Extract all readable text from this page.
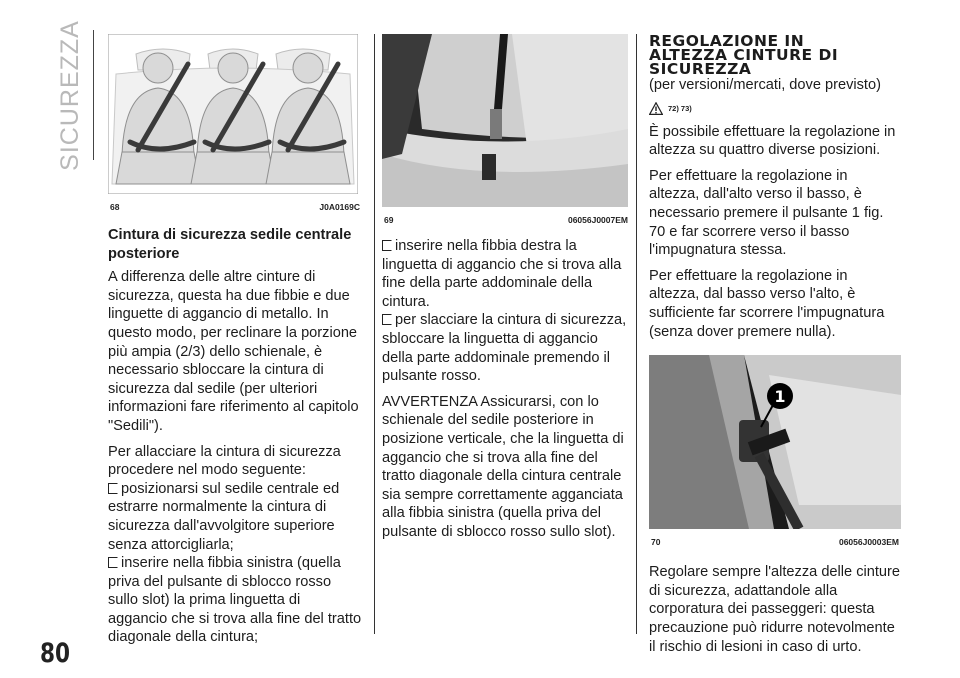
SICUREZZA
80
68	J0A0169C

Cintura di sicurezza sedile centrale posteriore

A differenza delle altre cinture di sicurezza, questa ha due fibbie e due linguette di aggancio di metallo. In questo modo, per reclinare la porzione più ampia (2/3) dello schienale, è necessario sbloccare la cintura di sicurezza dal sedile (per ulteriori informazioni fare riferimento al capitolo "Sedili").

Per allacciare la cintura di sicurezza procedere nel modo seguente:

posizionarsi sul sedile centrale ed estrarre normalmente la cintura di sicurezza dall'avvolgitore superiore senza attorcigliarla;

inserire nella fibbia sinistra (quella priva del pulsante di sblocco rosso sullo slot) la prima linguetta di aggancio che si trova alla fine del tratto diagonale della cintura;

69	06056J0007EM

inserire nella fibbia destra la linguetta di aggancio che si trova alla fine della parte addominale della cintura.

per slacciare la cintura di sicurezza, sbloccare la linguetta di aggancio della parte addominale premendo il pulsante rosso.

AVVERTENZA Assicurarsi, con lo schienale del sedile posteriore in posizione verticale, che la linguetta di aggancio che si trova alla fine del tratto diagonale della cintura centrale sia sempre correttamente agganciata alla fibbia sinistra (quella priva del pulsante di sblocco rosso sullo slot).

REGOLAZIONE IN
ALTEZZA CINTURE DI
SICUREZZA

(per versioni/mercati, dove previsto)

72) 73)

È possibile effettuare la regolazione in altezza su quattro diverse posizioni.

Per effettuare la regolazione in altezza, dall'alto verso il basso, è necessario premere il pulsante 1 fig. 70 e far scorrere verso il basso l'impugnatura stessa.

Per effettuare la regolazione in altezza, dal basso verso l'alto, è sufficiente far scorrere l'impugnatura (senza dover premere nulla).

1
70	06056J0003EM

Regolare sempre l'altezza delle cinture di sicurezza, adattandole alla corporatura dei passeggeri: questa precauzione può ridurre notevolmente il rischio di lesioni in caso di urto.
